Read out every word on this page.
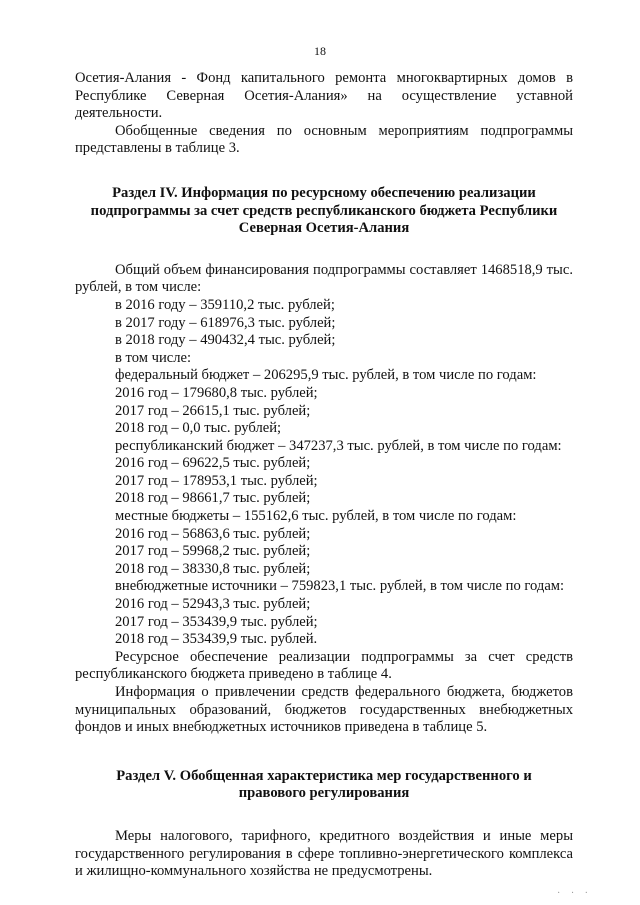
18
Осетия-Алания - Фонд капитального ремонта многоквартирных домов в
Республике Северная Осетия-Алания» на осуществление уставной
деятельности.
Обобщенные сведения по основным мероприятиям подпрограммы
представлены в таблице 3.
Раздел IV. Информация по ресурсному обеспечению реализации
подпрограммы за счет средств республиканского бюджета Республики
Северная Осетия-Алания
Общий объем финансирования подпрограммы составляет 1468518,9 тыс.
рублей, в том числе:
в 2016 году – 359110,2 тыс. рублей;
в 2017 году – 618976,3 тыс. рублей;
в 2018 году – 490432,4 тыс. рублей;
в том числе:
федеральный бюджет – 206295,9 тыс. рублей, в том числе по годам:
2016 год – 179680,8 тыс. рублей;
2017 год – 26615,1 тыс. рублей;
2018 год – 0,0 тыс. рублей;
республиканский бюджет – 347237,3 тыс. рублей, в том числе по годам:
2016 год – 69622,5 тыс. рублей;
2017 год – 178953,1 тыс. рублей;
2018 год – 98661,7 тыс. рублей;
местные бюджеты – 155162,6 тыс. рублей, в том числе по годам:
2016 год – 56863,6 тыс. рублей;
2017 год – 59968,2 тыс. рублей;
2018 год – 38330,8 тыс. рублей;
внебюджетные источники – 759823,1 тыс. рублей, в том числе по годам:
2016 год – 52943,3 тыс. рублей;
2017 год – 353439,9 тыс. рублей;
2018 год – 353439,9 тыс. рублей.
Ресурсное обеспечение реализации подпрограммы за счет средств
республиканского бюджета приведено в таблице 4.
Информация о привлечении средств федерального бюджета, бюджетов
муниципальных образований, бюджетов государственных внебюджетных
фондов и иных внебюджетных источников приведена в таблице 5.
Раздел V. Обобщенная характеристика мер государственного и
правового регулирования
Меры налогового, тарифного, кредитного воздействия и иные меры
государственного регулирования в сфере топливно-энергетического комплекса
и жилищно-коммунального хозяйства не предусмотрены.
· · ·
